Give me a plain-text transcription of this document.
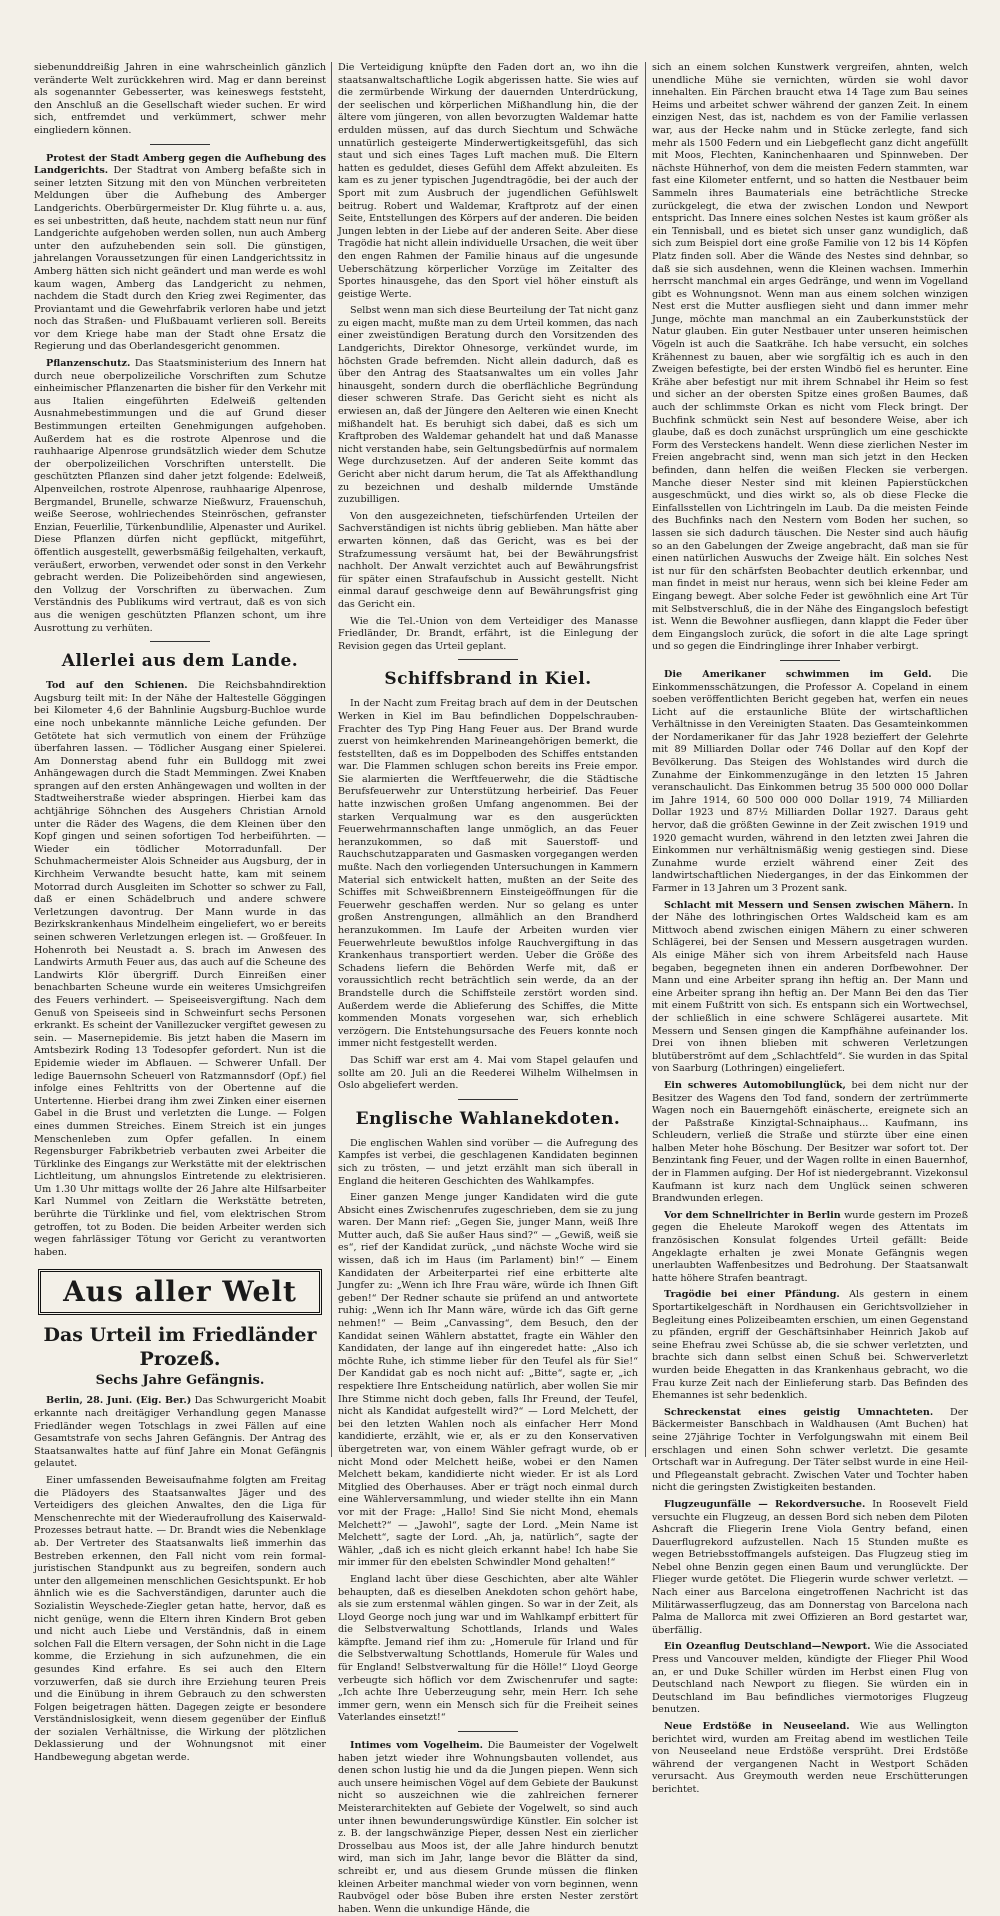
siebenunddreißig Jahren in eine wahrscheinlich gänzlich veränderte Welt zurückkehren wird. Mag er dann bereinst als sogenannter Gebesserter, was keineswegs feststeht, den Anschluß an die Gesellschaft wieder suchen. Er wird sich, entfremdet und verkümmert, schwer mehr eingliedern können.

Protest der Stadt Amberg gegen die Aufhebung des Landgerichts. Der Stadtrat von Amberg befaßte sich in seiner letzten Sitzung mit den von München verbreiteten Meldungen über die Aufhebung des Amberger Landgerichts. Oberbürgermeister Dr. Klug führte u. a. aus, es sei unbestritten, daß heute, nachdem statt neun nur fünf Landgerichte aufgehoben werden sollen, nun auch Amberg unter den aufzuhebenden sein soll. Die günstigen, jahrelangen Voraussetzungen für einen Landgerichtssitz in Amberg hätten sich nicht geändert und man werde es wohl kaum wagen, Amberg das Landgericht zu nehmen, nachdem die Stadt durch den Krieg zwei Regimenter, das Proviantamt und die Gewehrfabrik verloren habe und jetzt noch das Straßen- und Flußbauamt verlieren soll. Bereits vor dem Kriege habe man der Stadt ohne Ersatz die Regierung und das Oberlandesgericht genommen.

Pflanzenschutz. Das Staatsministerium des Innern hat durch neue oberpolizeiliche Vorschriften zum Schutze einheimischer Pflanzenarten die bisher für den Verkehr mit aus Italien eingeführten Edelweiß geltenden Ausnahmebestimmungen und die auf Grund dieser Bestimmungen erteilten Genehmigungen aufgehoben. Außerdem hat es die rostrote Alpenrose und die rauhhaarige Alpenrose grundsätzlich wieder dem Schutze der oberpolizeilichen Vorschriften unterstellt. Die geschützten Pflanzen sind daher jetzt folgende: Edelweiß, Alpenveilchen, rostrote Alpenrose, rauhhaarige Alpenrose, Bergmandel, Brunelle, schwarze Nießwurz, Frauenschuh, weiße Seerose, wohlriechendes Steinröschen, gefranster Enzian, Feuerlilie, Türkenbundlilie, Alpenaster und Aurikel. Diese Pflanzen dürfen nicht gepflückt, mitgeführt, öffentlich ausgestellt, gewerbsmäßig feilgehalten, verkauft, veräußert, erworben, verwendet oder sonst in den Verkehr gebracht werden. Die Polizeibehörden sind angewiesen, den Vollzug der Vorschriften zu überwachen. Zum Verständnis des Publikums wird vertraut, daß es von sich aus die wenigen geschützten Pflanzen schont, um ihre Ausrottung zu verhüten.

Allerlei aus dem Lande.

Tod auf den Schienen. Die Reichsbahndirektion Augsburg teilt mit: In der Nähe der Haltestelle Göggingen bei Kilometer 4,6 der Bahnlinie Augsburg-Buchloe wurde eine noch unbekannte männliche Leiche gefunden. Der Getötete hat sich vermutlich von einem der Frühzüge überfahren lassen. — Tödlicher Ausgang einer Spielerei. Am Donnerstag abend fuhr ein Bulldogg mit zwei Anhängewagen durch die Stadt Memmingen. Zwei Knaben sprangen auf den ersten Anhängewagen und wollten in der Stadtweiherstraße wieder abspringen. Hierbei kam das achtjährige Söhnchen des Ausgehers Christian Arnold unter die Räder des Wagens, die dem Kleinen über den Kopf gingen und seinen sofortigen Tod herbeiführten. — Wieder ein tödlicher Motorradunfall. Der Schuhmachermeister Alois Schneider aus Augsburg, der in Kirchheim Verwandte besucht hatte, kam mit seinem Motorrad durch Ausgleiten im Schotter so schwer zu Fall, daß er einen Schädelbruch und andere schwere Verletzungen davontrug. Der Mann wurde in das Bezirkskrankenhaus Mindelheim eingeliefert, wo er bereits seinen schweren Verletzungen erlegen ist. — Großfeuer. In Hohenroth bei Neustadt a. S. brach im Anwesen des Landwirts Armuth Feuer aus, das auch auf die Scheune des Landwirts Klör übergriff. Durch Einreißen einer benachbarten Scheune wurde ein weiteres Umsichgreifen des Feuers verhindert. — Speiseeisvergiftung. Nach dem Genuß von Speiseeis sind in Schweinfurt sechs Personen erkrankt. Es scheint der Vanillezucker vergiftet gewesen zu sein. — Masernepidemie. Bis jetzt haben die Masern im Amtsbezirk Roding 13 Todesopfer gefordert. Nun ist die Epidemie wieder im Abflauen. — Schwerer Unfall. Der ledige Bauernsohn Scheuerl von Ratzmannsdorf (Opf.) fiel infolge eines Fehltritts von der Obertenne auf die Untertenne. Hierbei drang ihm zwei Zinken einer eisernen Gabel in die Brust und verletzten die Lunge. — Folgen eines dummen Streiches. Einem Streich ist ein junges Menschenleben zum Opfer gefallen. In einem Regensburger Fabrikbetrieb verbauten zwei Arbeiter die Türklinke des Eingangs zur Werkstätte mit der elektrischen Lichtleitung, um ahnungslos Eintretende zu elektrisieren. Um 1.30 Uhr mittags wollte der 26 Jahre alte Hilfsarbeiter Karl Nummel von Zeitlarn die Werkstätte betreten, berührte die Türklinke und fiel, vom elektrischen Strom getroffen, tot zu Boden. Die beiden Arbeiter werden sich wegen fahrlässiger Tötung vor Gericht zu verantworten haben.

Aus aller Welt
Das Urteil im Friedländer Prozeß.
Sechs Jahre Gefängnis.

Berlin, 28. Juni. (Eig. Ber.) Das Schwurgericht Moabit erkannte nach dreitägiger Verhandlung gegen Manasse Friedländer wegen Totschlags in zwei Fällen auf eine Gesamtstrafe von sechs Jahren Gefängnis. Der Antrag des Staatsanwaltes hatte auf fünf Jahre ein Monat Gefängnis gelautet.

Einer umfassenden Beweisaufnahme folgten am Freitag die Plädoyers des Staatsanwaltes Jäger und des Verteidigers des gleichen Anwaltes, den die Liga für Menschenrechte mit der Wiederaufrollung des Kaiserwald-Prozesses betraut hatte. — Dr. Brandt wies die Nebenklage ab. Der Vertreter des Staatsanwalts ließ immerhin das Bestreben erkennen, den Fall nicht vom rein formal-juristischen Standpunkt aus zu begreifen, sondern auch unter den allgemeinen menschlichen Gesichtspunkt. Er hob ähnlich wie es die Sachverständigen, darunter auch die Sozialistin Weyschede-Ziegler getan hatte, hervor, daß es nicht genüge, wenn die Eltern ihren Kindern Brot geben und nicht auch Liebe und Verständnis, daß in einem solchen Fall die Eltern versagen, der Sohn nicht in die Lage komme, die Erziehung in sich aufzunehmen, die ein gesundes Kind erfahre. Es sei auch den Eltern vorzuwerfen, daß sie durch ihre Erziehung teuren Preis und die Einübung in ihrem Gebrauch zu den schwersten Folgen beigetragen hätten. Dagegen zeigte er besondere Verständnislosigkeit, wenn diesem gegenüber der Einfluß der sozialen Verhältnisse, die Wirkung der plötzlichen Deklassierung und der Wohnungsnot mit einer Handbewegung abgetan werde.

Die Verteidigung knüpfte den Faden dort an, wo ihn die staatsanwaltschaftliche Logik abgerissen hatte. Sie wies auf die zermürbende Wirkung der dauernden Unterdrückung, der seelischen und körperlichen Mißhandlung hin, die der ältere vom jüngeren, von allen bevorzugten Waldemar hatte erdulden müssen, auf das durch Siechtum und Schwäche unnatürlich gesteigerte Minderwertigkeitsgefühl, das sich staut und sich eines Tages Luft machen muß. Die Eltern hatten es geduldet, dieses Gefühl dem Affekt abzuleiten. Es kam es zu jener typischen Jugendtragödie, bei der auch der Sport mit zum Ausbruch der jugendlichen Gefühlswelt beitrug. Robert und Waldemar, Kraftprotz auf der einen Seite, Entstellungen des Körpers auf der anderen. Die beiden Jungen lebten in der Liebe auf der anderen Seite. Aber diese Tragödie hat nicht allein individuelle Ursachen, die weit über den engen Rahmen der Familie hinaus auf die ungesunde Ueberschätzung körperlicher Vorzüge im Zeitalter des Sportes hinausgehe, das den Sport viel höher einstuft als geistige Werte.

Selbst wenn man sich diese Beurteilung der Tat nicht ganz zu eigen macht, mußte man zu dem Urteil kommen, das nach einer zweistündigen Beratung durch den Vorsitzenden des Landgerichts, Direktor Ohnesorge, verkündet wurde, im höchsten Grade befremden. Nicht allein dadurch, daß es über den Antrag des Staatsanwaltes um ein volles Jahr hinausgeht, sondern durch die oberflächliche Begründung dieser schweren Strafe. Das Gericht sieht es nicht als erwiesen an, daß der Jüngere den Aelteren wie einen Knecht mißhandelt hat. Es beruhigt sich dabei, daß es sich um Kraftproben des Waldemar gehandelt hat und daß Manasse nicht verstanden habe, sein Geltungsbedürfnis auf normalem Wege durchzusetzen. Auf der anderen Seite kommt das Gericht aber nicht darum herum, die Tat als Affekthandlung zu bezeichnen und deshalb mildernde Umstände zuzubilligen.

Von den ausgezeichneten, tiefschürfenden Urteilen der Sachverständigen ist nichts übrig geblieben. Man hätte aber erwarten können, daß das Gericht, was es bei der Strafzumessung versäumt hat, bei der Bewährungsfrist nachholt. Der Anwalt verzichtet auch auf Bewährungsfrist für später einen Strafaufschub in Aussicht gestellt. Nicht einmal darauf geschweige denn auf Bewährungsfrist ging das Gericht ein.

Wie die Tel.-Union von dem Verteidiger des Manasse Friedländer, Dr. Brandt, erfährt, ist die Einlegung der Revision gegen das Urteil geplant.

Schiffsbrand in Kiel.

In der Nacht zum Freitag brach auf dem in der Deutschen Werken in Kiel im Bau befindlichen Doppelschrauben-Frachter des Typ Ping Hang Feuer aus. Der Brand wurde zuerst von heimkehrenden Marineangehörigen bemerkt, die feststellten, daß es im Doppelboden des Schiffes entstanden war. Die Flammen schlugen schon bereits ins Freie empor. Sie alarmierten die Werftfeuerwehr, die die Städtische Berufsfeuerwehr zur Unterstützung herbeirief. Das Feuer hatte inzwischen großen Umfang angenommen. Bei der starken Verqualmung war es den ausgerückten Feuerwehrmannschaften lange unmöglich, an das Feuer heranzukommen, so daß mit Sauerstoff- und Rauchschutzapparaten und Gasmasken vorgegangen werden mußte. Nach den vorliegenden Untersuchungen in Kammern Material sich entwickelt hatten, mußten an der Seite des Schiffes mit Schweißbrennern Einsteigeöffnungen für die Feuerwehr geschaffen werden. Nur so gelang es unter großen Anstrengungen, allmählich an den Brandherd heranzukommen. Im Laufe der Arbeiten wurden vier Feuerwehrleute bewußtlos infolge Rauchvergiftung in das Krankenhaus transportiert werden. Ueber die Größe des Schadens liefern die Behörden Werfe mit, daß er voraussichtlich recht beträchtlich sein werde, da an der Brandstelle durch die Schiffsteile zerstört worden sind. Außerdem werde die Ablieferung des Schiffes, die Mitte kommenden Monats vorgesehen war, sich erheblich verzögern. Die Entstehungsursache des Feuers konnte noch immer nicht festgestellt werden.

Das Schiff war erst am 4. Mai vom Stapel gelaufen und sollte am 20. Juli an die Reederei Wilhelm Wilhelmsen in Oslo abgeliefert werden.

Englische Wahlanekdoten.

Die englischen Wahlen sind vorüber — die Aufregung des Kampfes ist verbei, die geschlagenen Kandidaten beginnen sich zu trösten, — und jetzt erzählt man sich überall in England die heiteren Geschichten des Wahlkampfes.

Einer ganzen Menge junger Kandidaten wird die gute Absicht eines Zwischenrufes zugeschrieben, dem sie zu jung waren. Der Mann rief: „Gegen Sie, junger Mann, weiß Ihre Mutter auch, daß Sie außer Haus sind?“ — „Gewiß, weiß sie es“, rief der Kandidat zurück, „und nächste Woche wird sie wissen, daß ich im Haus (im Parlament) bin!“ — Einem Kandidaten der Arbeiterpartei rief eine erbitterte alte Jungfer zu: „Wenn ich Ihre Frau wäre, würde ich Ihnen Gift geben!“ Der Redner schaute sie prüfend an und antwortete ruhig: „Wenn ich Ihr Mann wäre, würde ich das Gift gerne nehmen!“ — Beim „Canvassing“, dem Besuch, den der Kandidat seinen Wählern abstattet, fragte ein Wähler den Kandidaten, der lange auf ihn eingeredet hatte: „Also ich möchte Ruhe, ich stimme lieber für den Teufel als für Sie!“ Der Kandidat gab es noch nicht auf: „Bitte“, sagte er, „ich respektiere Ihre Entscheidung natürlich, aber wollen Sie mir Ihre Stimme nicht doch geben, falls Ihr Freund, der Teufel, nicht als Kandidat aufgestellt wird?“ — Lord Melchett, der bei den letzten Wahlen noch als einfacher Herr Mond kandidierte, erzählt, wie er, als er zu den Konservativen übergetreten war, von einem Wähler gefragt wurde, ob er nicht Mond oder Melchett heiße, wobei er den Namen Melchett bekam, kandidierte nicht wieder. Er ist als Lord Mitglied des Oberhauses. Aber er trägt noch einmal durch eine Wählerversammlung, und wieder stellte ihn ein Mann vor mit der Frage: „Hallo! Sind Sie nicht Mond, ehemals Melchett?“ — „Jawohl“, sagte der Lord. „Mein Name ist Melchett“, sagte der Lord. „Ah, ja, natürlich“, sagte der Wähler, „daß ich es nicht gleich erkannt habe! Ich habe Sie mir immer für den ebelsten Schwindler Mond gehalten!“

England lacht über diese Geschichten, aber alte Wähler behaupten, daß es dieselben Anekdoten schon gehört habe, als sie zum erstenmal wählen gingen. So war in der Zeit, als Lloyd George noch jung war und im Wahlkampf erbittert für die Selbstverwaltung Schottlands, Irlands und Wales kämpfte. Jemand rief ihm zu: „Homerule für Irland und für die Selbstverwaltung Schottlands, Homerule für Wales und für England! Selbstverwaltung für die Hölle!“ Lloyd George verbeugte sich höflich vor dem Zwischenrufer und sagte: „Ich achte Ihre Ueberzeugung sehr, mein Herr. Ich sehe immer gern, wenn ein Mensch sich für die Freiheit seines Vaterlandes einsetzt!“

Intimes vom Vogelheim. Die Baumeister der Vogelwelt haben jetzt wieder ihre Wohnungsbauten vollendet, aus denen schon lustig hie und da die Jungen piepen. Wenn sich auch unsere heimischen Vögel auf dem Gebiete der Baukunst nicht so auszeichnen wie die zahlreichen fernerer Meisterarchitekten auf Gebiete der Vogelwelt, so sind auch unter ihnen bewunderungswürdige Künstler. Ein solcher ist z. B. der langschwänzige Pieper, dessen Nest ein zierlicher Drosselbau aus Moos ist, der alle Jahre hindurch benutzt wird, man sich im Jahr, lange bevor die Blätter da sind, schreibt er, und aus diesem Grunde müssen die flinken kleinen Arbeiter manchmal wieder von vorn beginnen, wenn Raubvögel oder böse Buben ihre ersten Nester zerstört haben. Wenn die unkundige Hände, die

sich an einem solchen Kunstwerk vergreifen, ahnten, welch unendliche Mühe sie vernichten, würden sie wohl davor innehalten. Ein Pärchen braucht etwa 14 Tage zum Bau seines Heims und arbeitet schwer während der ganzen Zeit. In einem einzigen Nest, das ist, nachdem es von der Familie verlassen war, aus der Hecke nahm und in Stücke zerlegte, fand sich mehr als 1500 Federn und ein Liebgeflecht ganz dicht angefüllt mit Moos, Flechten, Kaninchenhaaren und Spinnweben. Der nächste Hühnerhof, von dem die meisten Federn stammten, war fast eine Kilometer entfernt, und so hatten die Nestbauer beim Sammeln ihres Baumaterials eine beträchtliche Strecke zurückgelegt, die etwa der zwischen London und Newport entspricht. Das Innere eines solchen Nestes ist kaum größer als ein Tennisball, und es bietet sich unser ganz wundiglich, daß sich zum Beispiel dort eine große Familie von 12 bis 14 Köpfen Platz finden soll. Aber die Wände des Nestes sind dehnbar, so daß sie sich ausdehnen, wenn die Kleinen wachsen. Immerhin herrscht manchmal ein arges Gedränge, und wenn im Vogelland gibt es Wohnungsnot. Wenn man aus einem solchen winzigen Nest erst die Mutter ausfliegen sieht und dann immer mehr Junge, möchte man manchmal an ein Zauberkunststück der Natur glauben. Ein guter Nestbauer unter unseren heimischen Vögeln ist auch die Saatkrähe. Ich habe versucht, ein solches Krähennest zu bauen, aber wie sorgfältig ich es auch in den Zweigen befestigte, bei der ersten Windbö fiel es herunter. Eine Krähe aber befestigt nur mit ihrem Schnabel ihr Heim so fest und sicher an der obersten Spitze eines großen Baumes, daß auch der schlimmste Orkan es nicht vom Fleck bringt. Der Buchfink schmückt sein Nest auf besondere Weise, aber ich glaube, daß es doch zunächst ursprünglich um eine geschickte Form des Versteckens handelt. Wenn diese zierlichen Nester im Freien angebracht sind, wenn man sich jetzt in den Hecken befinden, dann helfen die weißen Flecken sie verbergen. Manche dieser Nester sind mit kleinen Papierstückchen ausgeschmückt, und dies wirkt so, als ob diese Flecke die Einfallsstellen von Lichtringeln im Laub. Da die meisten Feinde des Buchfinks nach den Nestern vom Boden her suchen, so lassen sie sich dadurch täuschen. Die Nester sind auch häufig so an den Gabelungen der Zweige angebracht, daß man sie für einen natürlichen Auswuchs der Zweige hält. Ein solches Nest ist nur für den schärfsten Beobachter deutlich erkennbar, und man findet in meist nur heraus, wenn sich bei kleine Feder am Eingang bewegt. Aber solche Feder ist gewöhnlich eine Art Tür mit Selbstverschluß, die in der Nähe des Eingangsloch befestigt ist. Wenn die Bewohner ausfliegen, dann klappt die Feder über dem Eingangsloch zurück, die sofort in die alte Lage springt und so gegen die Eindringlinge ihrer Inhaber verbirgt.

Die Amerikaner schwimmen im Geld. Die Einkommensschätzungen, die Professor A. Copeland in einem soeben veröffentlichten Bericht gegeben hat, werfen ein neues Licht auf die erstaunliche Blüte der wirtschaftlichen Verhältnisse in den Vereinigten Staaten. Das Gesamteinkommen der Nordamerikaner für das Jahr 1928 bezieffert der Gelehrte mit 89 Milliarden Dollar oder 746 Dollar auf den Kopf der Bevölkerung. Das Steigen des Wohlstandes wird durch die Zunahme der Einkommenzugänge in den letzten 15 Jahren veranschaulicht. Das Einkommen betrug 35 500 000 000 Dollar im Jahre 1914, 60 500 000 000 Dollar 1919, 74 Milliarden Dollar 1923 und 87½ Milliarden Dollar 1927. Daraus geht hervor, daß die größten Gewinne in der Zeit zwischen 1919 und 1920 gemacht wurden, während in den letzten zwei Jahren die Einkommen nur verhältnismäßig wenig gestiegen sind. Diese Zunahme wurde erzielt während einer Zeit des landwirtschaftlichen Niederganges, in der das Einkommen der Farmer in 13 Jahren um 3 Prozent sank.

Schlacht mit Messern und Sensen zwischen Mähern. In der Nähe des lothringischen Ortes Waldscheid kam es am Mittwoch abend zwischen einigen Mähern zu einer schweren Schlägerei, bei der Sensen und Messern ausgetragen wurden. Als einige Mäher sich von ihrem Arbeitsfeld nach Hause begaben, begegneten ihnen ein anderen Dorfbewohner. Der Mann und eine Arbeiter sprang ihn heftig an. Der Mann und eine Arbeiter sprang ihn heftig an. Der Mann Bei den das Tier mit einem Fußtritt von sich. Es entspann sich ein Wortwechsel, der schließlich in eine schwere Schlägerei ausartete. Mit Messern und Sensen gingen die Kampfhähne aufeinander los. Drei von ihnen blieben mit schweren Verletzungen blutüberströmt auf dem „Schlachtfeld“. Sie wurden in das Spital von Saarburg (Lothringen) eingeliefert.

Ein schweres Automobilunglück, bei dem nicht nur der Besitzer des Wagens den Tod fand, sondern der zertrümmerte Wagen noch ein Bauerngehöft einäscherte, ereignete sich an der Paßstraße Kinzigtal-Schnaiphaus... Kaufmann, ins Schleudern, verließ die Straße und stürzte über eine einen halben Meter hohe Böschung. Der Besitzer war sofort tot. Der Benzintank fing Feuer, und der Wagen rollte in einen Bauernhof, der in Flammen aufging. Der Hof ist niedergebrannt. Vizekonsul Kaufmann ist kurz nach dem Unglück seinen schweren Brandwunden erlegen.

Vor dem Schnellrichter in Berlin wurde gestern im Prozeß gegen die Eheleute Marokoff wegen des Attentats im französischen Konsulat folgendes Urteil gefällt: Beide Angeklagte erhalten je zwei Monate Gefängnis wegen unerlaubten Waffenbesitzes und Bedrohung. Der Staatsanwalt hatte höhere Strafen beantragt.

Tragödie bei einer Pfändung. Als gestern in einem Sportartikelgeschäft in Nordhausen ein Gerichtsvollzieher in Begleitung eines Polizeibeamten erschien, um einen Gegenstand zu pfänden, ergriff der Geschäftsinhaber Heinrich Jakob auf seine Ehefrau zwei Schüsse ab, die sie schwer verletzten, und brachte sich dann selbst einen Schuß bei. Schwerverletzt wurden beide Ehegatten in das Krankenhaus gebracht, wo die Frau kurze Zeit nach der Einlieferung starb. Das Befinden des Ehemannes ist sehr bedenklich.

Schreckenstat eines geistig Umnachteten. Der Bäckermeister Banschbach in Waldhausen (Amt Buchen) hat seine 27jährige Tochter in Verfolgungswahn mit einem Beil erschlagen und einen Sohn schwer verletzt. Die gesamte Ortschaft war in Aufregung. Der Täter selbst wurde in eine Heil- und Pflegeanstalt gebracht. Zwischen Vater und Tochter haben nicht die geringsten Zwistigkeiten bestanden.

Flugzeugunfälle — Rekordversuche. In Roosevelt Field versuchte ein Flugzeug, an dessen Bord sich neben dem Piloten Ashcraft die Fliegerin Irene Viola Gentry befand, einen Dauerflugrekord aufzustellen. Nach 15 Stunden mußte es wegen Betriebsstoffmangels aufsteigen. Das Flugzeug stieg im Nebel ohne Benzin gegen einen Baum und verunglückte. Der Flieger wurde getötet. Die Fliegerin wurde schwer verletzt. — Nach einer aus Barcelona eingetroffenen Nachricht ist das Militärwasserflugzeug, das am Donnerstag von Barcelona nach Palma de Mallorca mit zwei Offizieren an Bord gestartet war, überfällig.

Ein Ozeanflug Deutschland—Newport. Wie die Associated Press und Vancouver melden, kündigte der Flieger Phil Wood an, er und Duke Schiller würden im Herbst einen Flug von Deutschland nach Newport zu fliegen. Sie würden ein in Deutschland im Bau befindliches viermotoriges Flugzeug benutzen.

Neue Erdstöße in Neuseeland. Wie aus Wellington berichtet wird, wurden am Freitag abend im westlichen Teile von Neuseeland neue Erdstöße versprüht. Drei Erdstöße während der vergangenen Nacht in Westport Schäden verursacht. Aus Greymouth werden neue Erschütterungen berichtet.
